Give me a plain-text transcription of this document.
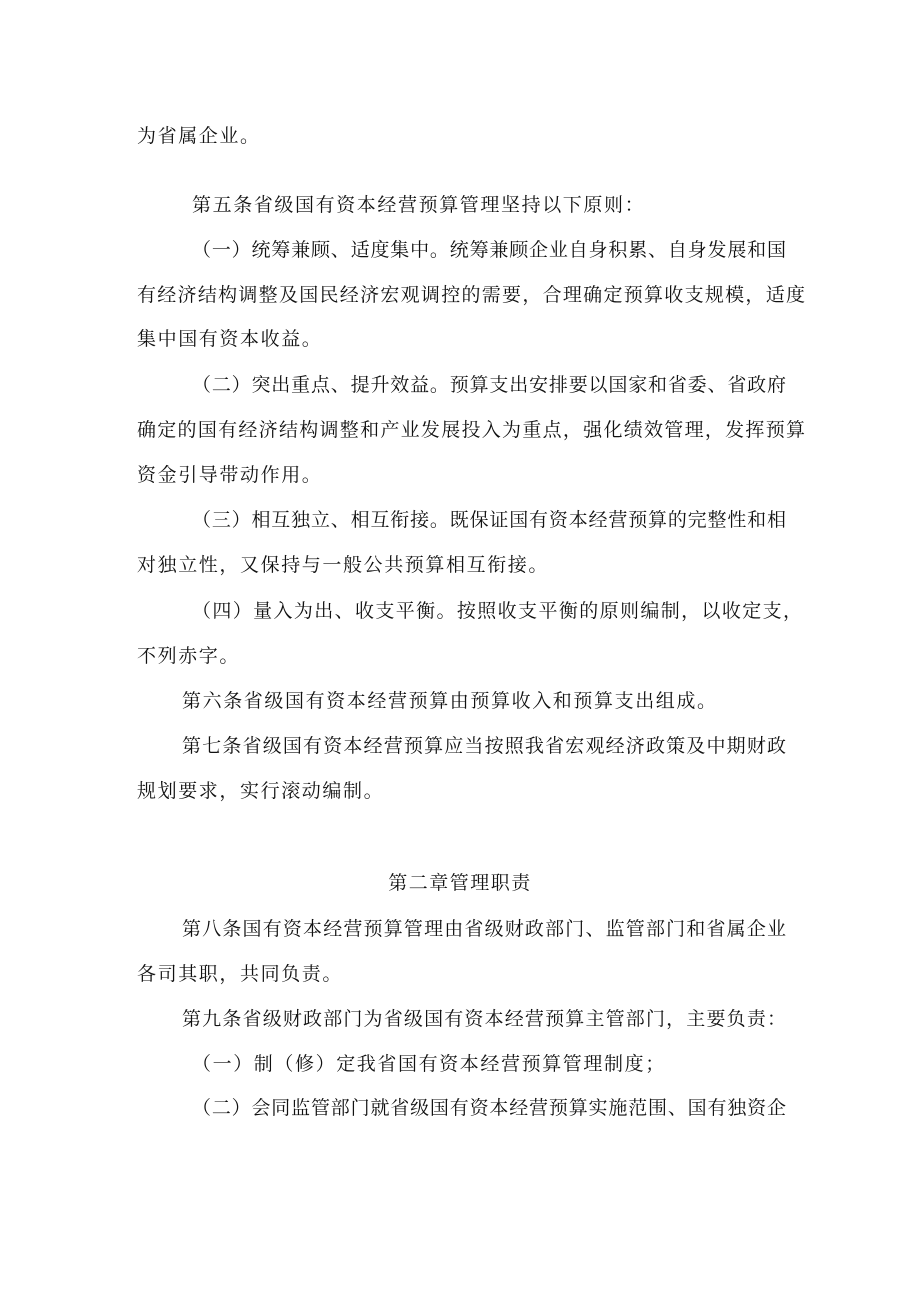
为省属企业。
第五条省级国有资本经营预算管理坚持以下原则：
（一）统筹兼顾、适度集中。统筹兼顾企业自身积累、自身发展和国
有经济结构调整及国民经济宏观调控的需要，合理确定预算收支规模，适度
集中国有资本收益。
（二）突出重点、提升效益。预算支出安排要以国家和省委、省政府
确定的国有经济结构调整和产业发展投入为重点，强化绩效管理，发挥预算
资金引导带动作用。
（三）相互独立、相互衔接。既保证国有资本经营预算的完整性和相
对独立性，又保持与一般公共预算相互衔接。
（四）量入为出、收支平衡。按照收支平衡的原则编制，以收定支，
不列赤字。
第六条省级国有资本经营预算由预算收入和预算支出组成。
第七条省级国有资本经营预算应当按照我省宏观经济政策及中期财政
规划要求，实行滚动编制。
第二章管理职责
第八条国有资本经营预算管理由省级财政部门、监管部门和省属企业
各司其职，共同负责。
第九条省级财政部门为省级国有资本经营预算主管部门，主要负责：
（一）制（修）定我省国有资本经营预算管理制度；
（二）会同监管部门就省级国有资本经营预算实施范围、国有独资企
